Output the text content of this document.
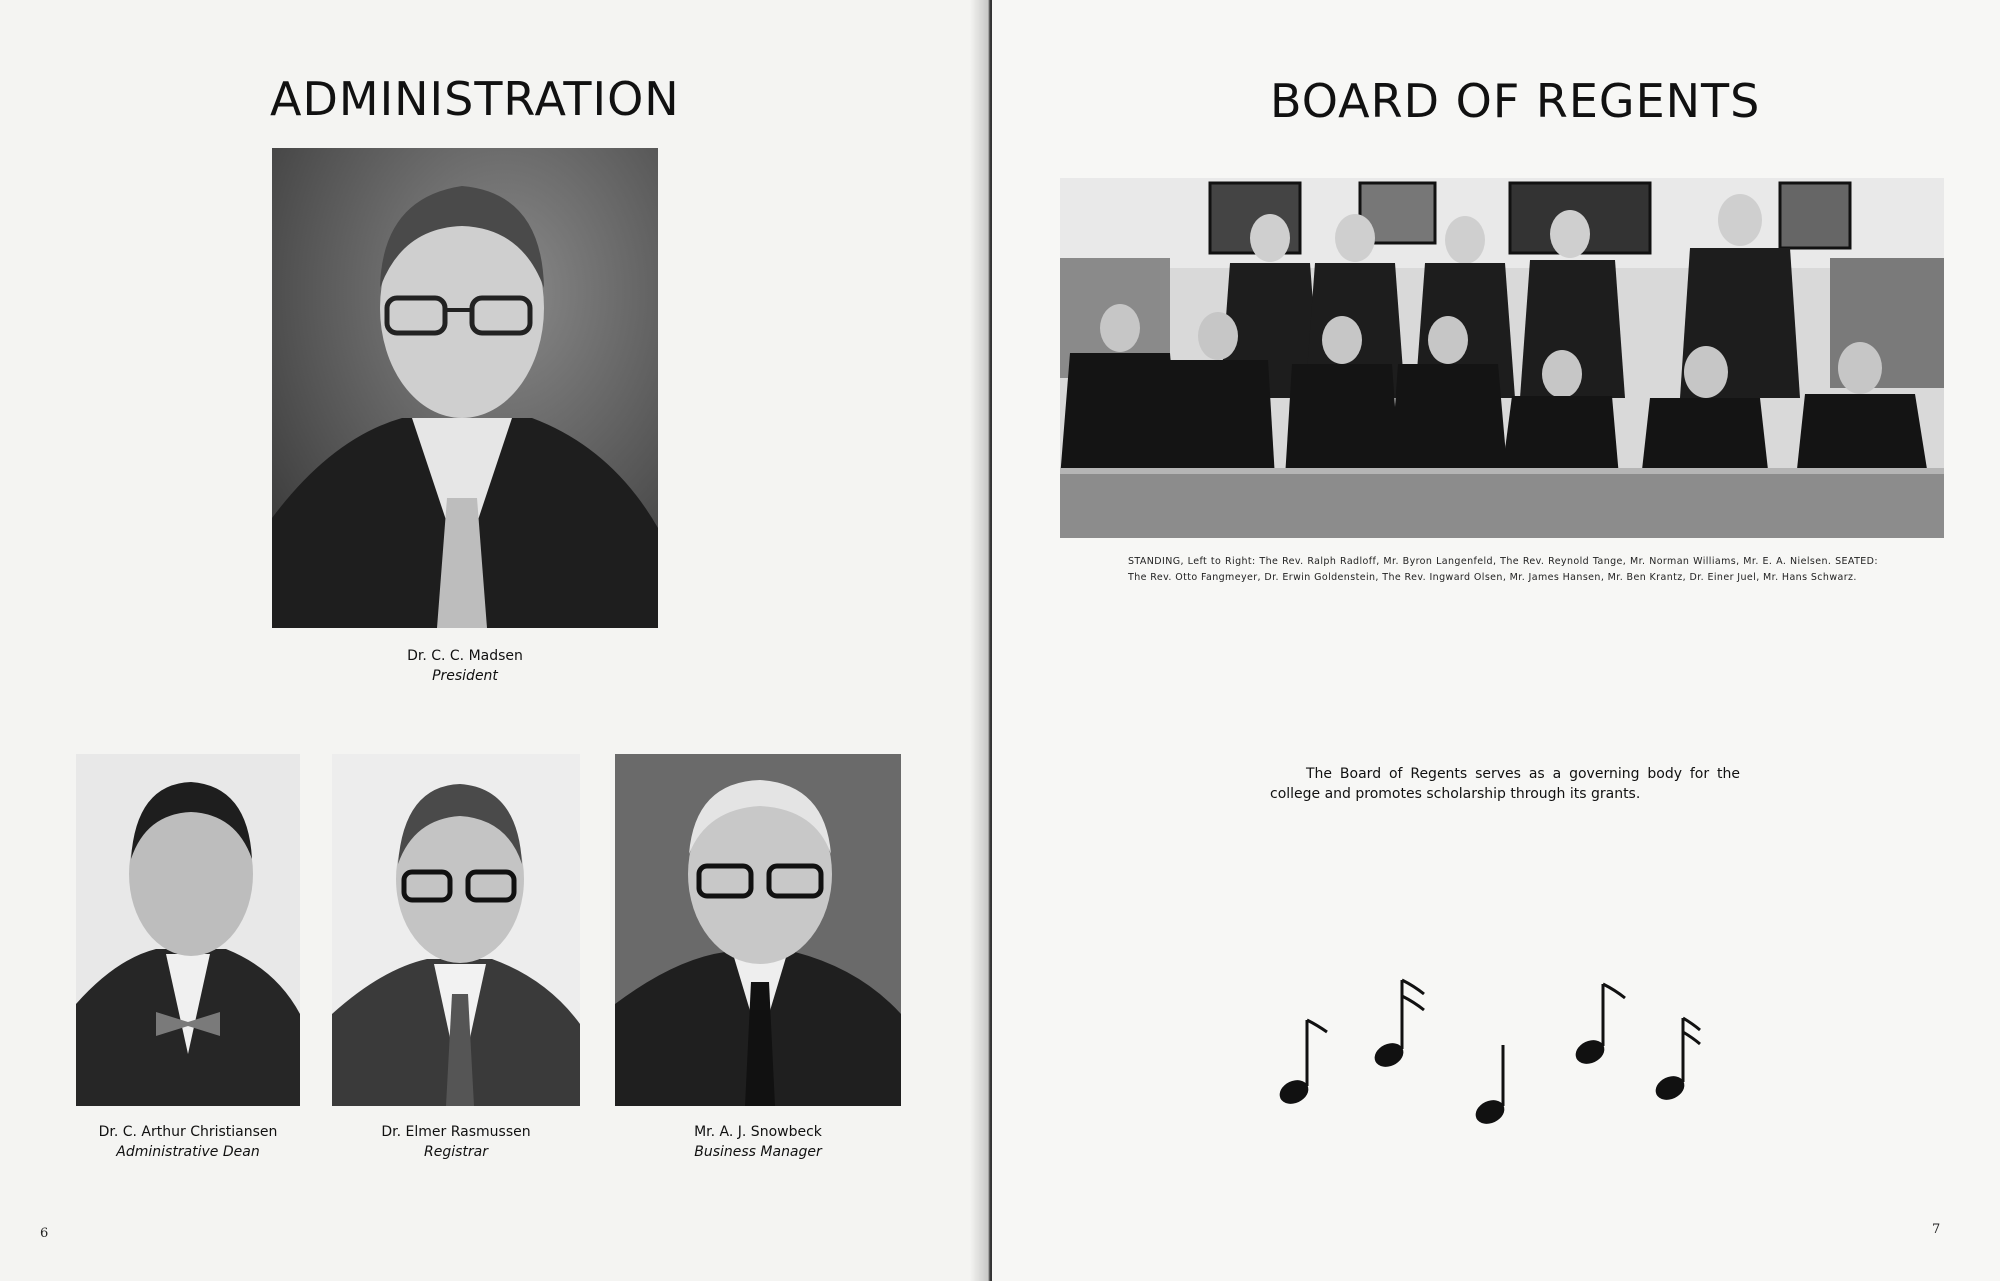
ADMINISTRATION
Dr. C. C. Madsen
President
Dr. C. Arthur Christiansen
Administrative Dean
Dr. Elmer Rasmussen
Registrar
Mr. A. J. Snowbeck
Business Manager
6
BOARD OF REGENTS
STANDING, Left to Right: The Rev. Ralph Radloff, Mr. Byron Langenfeld, The Rev. Reynold Tange, Mr. Norman Williams, Mr. E. A. Nielsen. SEATED: The Rev. Otto Fangmeyer, Dr. Erwin Goldenstein, The Rev. Ingward Olsen, Mr. James Hansen, Mr. Ben Krantz, Dr. Einer Juel, Mr. Hans Schwarz.
The Board of Regents serves as a governing body for the college and promotes scholarship through its grants.
7
